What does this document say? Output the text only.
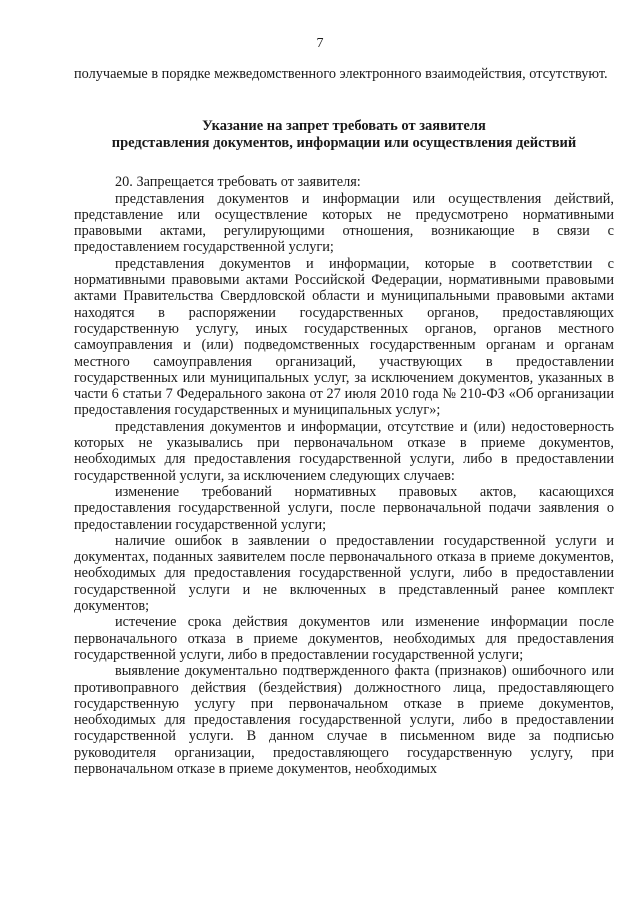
7

получаемые в порядке межведомственного электронного взаимодействия, отсутствуют.

Указание на запрет требовать от заявителя
представления документов, информации или осуществления действий

20. Запрещается требовать от заявителя:

представления документов и информации или осуществления действий, представление или осуществление которых не предусмотрено нормативными правовыми актами, регулирующими отношения, возникающие в связи с предоставлением государственной услуги;

представления документов и информации, которые в соответствии с нормативными правовыми актами Российской Федерации, нормативными правовыми актами Правительства Свердловской области и муниципальными правовыми актами находятся в распоряжении государственных органов, предоставляющих государственную услугу, иных государственных органов, органов местного самоуправления и (или) подведомственных государственным органам и органам местного самоуправления организаций, участвующих в предоставлении государственных или муниципальных услуг, за исключением документов, указанных в части 6 статьи 7 Федерального закона от 27 июля 2010 года № 210-ФЗ «Об организации предоставления государственных и муниципальных услуг»;

представления документов и информации, отсутствие и (или) недостоверность которых не указывались при первоначальном отказе в приеме документов, необходимых для предоставления государственной услуги, либо в предоставлении государственной услуги, за исключением следующих случаев:

изменение требований нормативных правовых актов, касающихся предоставления государственной услуги, после первоначальной подачи заявления о предоставлении государственной услуги;

наличие ошибок в заявлении о предоставлении государственной услуги и документах, поданных заявителем после первоначального отказа в приеме документов, необходимых для предоставления государственной услуги, либо в предоставлении государственной услуги и не включенных в представленный ранее комплект документов;

истечение срока действия документов или изменение информации после первоначального отказа в приеме документов, необходимых для предоставления государственной услуги, либо в предоставлении государственной услуги;

выявление документально подтвержденного факта (признаков) ошибочного или противоправного действия (бездействия) должностного лица, предоставляющего государственную услугу при первоначальном отказе в приеме документов, необходимых для предоставления государственной услуги, либо в предоставлении государственной услуги. В данном случае в письменном виде за подписью руководителя организации, предоставляющего государственную услугу, при первоначальном отказе в приеме документов, необходимых
